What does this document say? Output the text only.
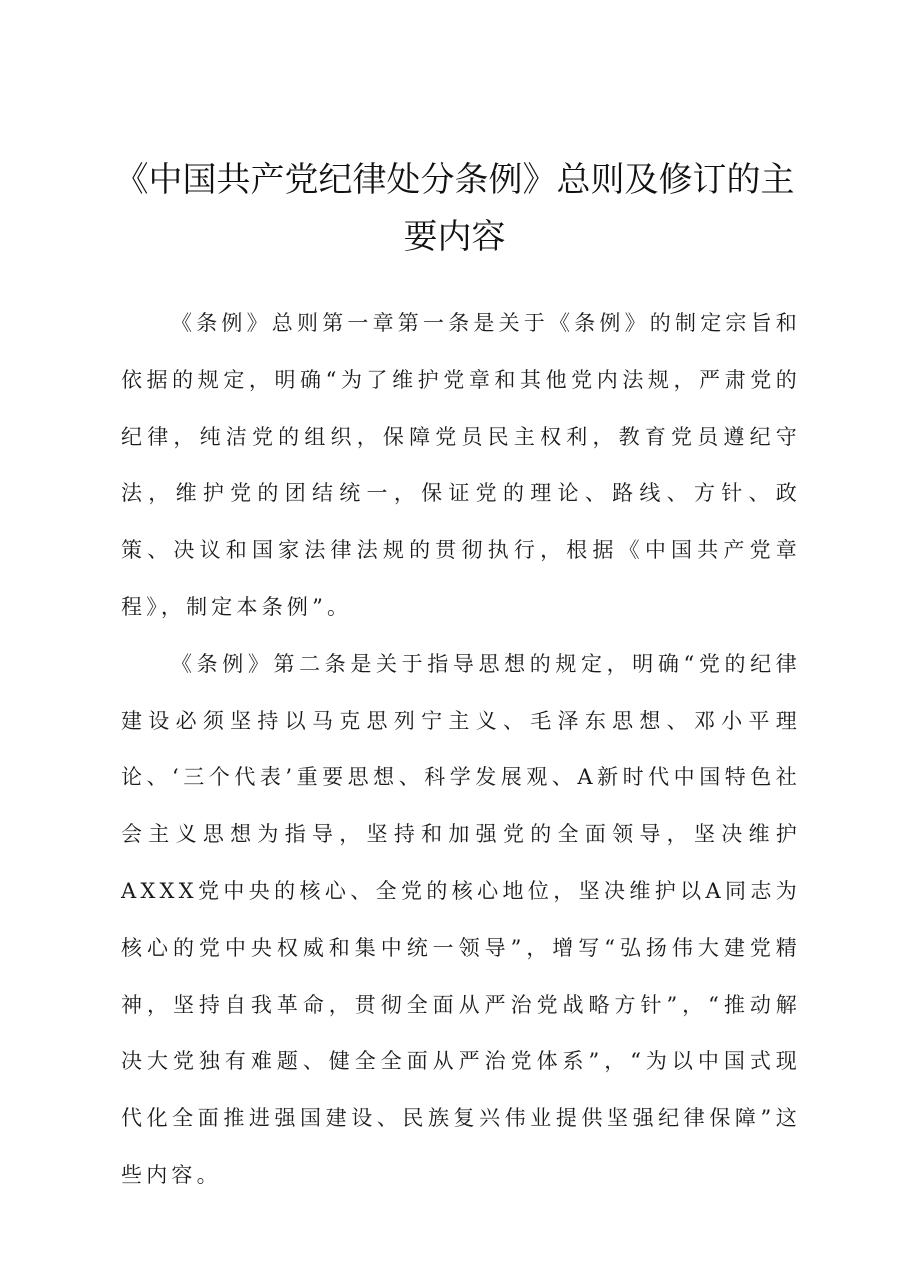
《中国共产党纪律处分条例》总则及修订的主要内容

《条例》总则第一章第一条是关于《条例》的制定宗旨和依据的规定，明确“为了维护党章和其他党内法规，严肃党的纪律，纯洁党的组织，保障党员民主权利，教育党员遵纪守法，维护党的团结统一，保证党的理论、路线、方针、政策、决议和国家法律法规的贯彻执行，根据《中国共产党章程》，制定本条例”。

《条例》第二条是关于指导思想的规定，明确“党的纪律建设必须坚持以马克思列宁主义、毛泽东思想、邓小平理论、‘三个代表’重要思想、科学发展观、A新时代中国特色社会主义思想为指导，坚持和加强党的全面领导，坚决维护AXXX党中央的核心、全党的核心地位，坚决维护以A同志为核心的党中央权威和集中统一领导”，增写“弘扬伟大建党精神，坚持自我革命，贯彻全面从严治党战略方针”，“推动解决大党独有难题、健全全面从严治党体系”，“为以中国式现代化全面推进强国建设、民族复兴伟业提供坚强纪律保障”这些内容。
